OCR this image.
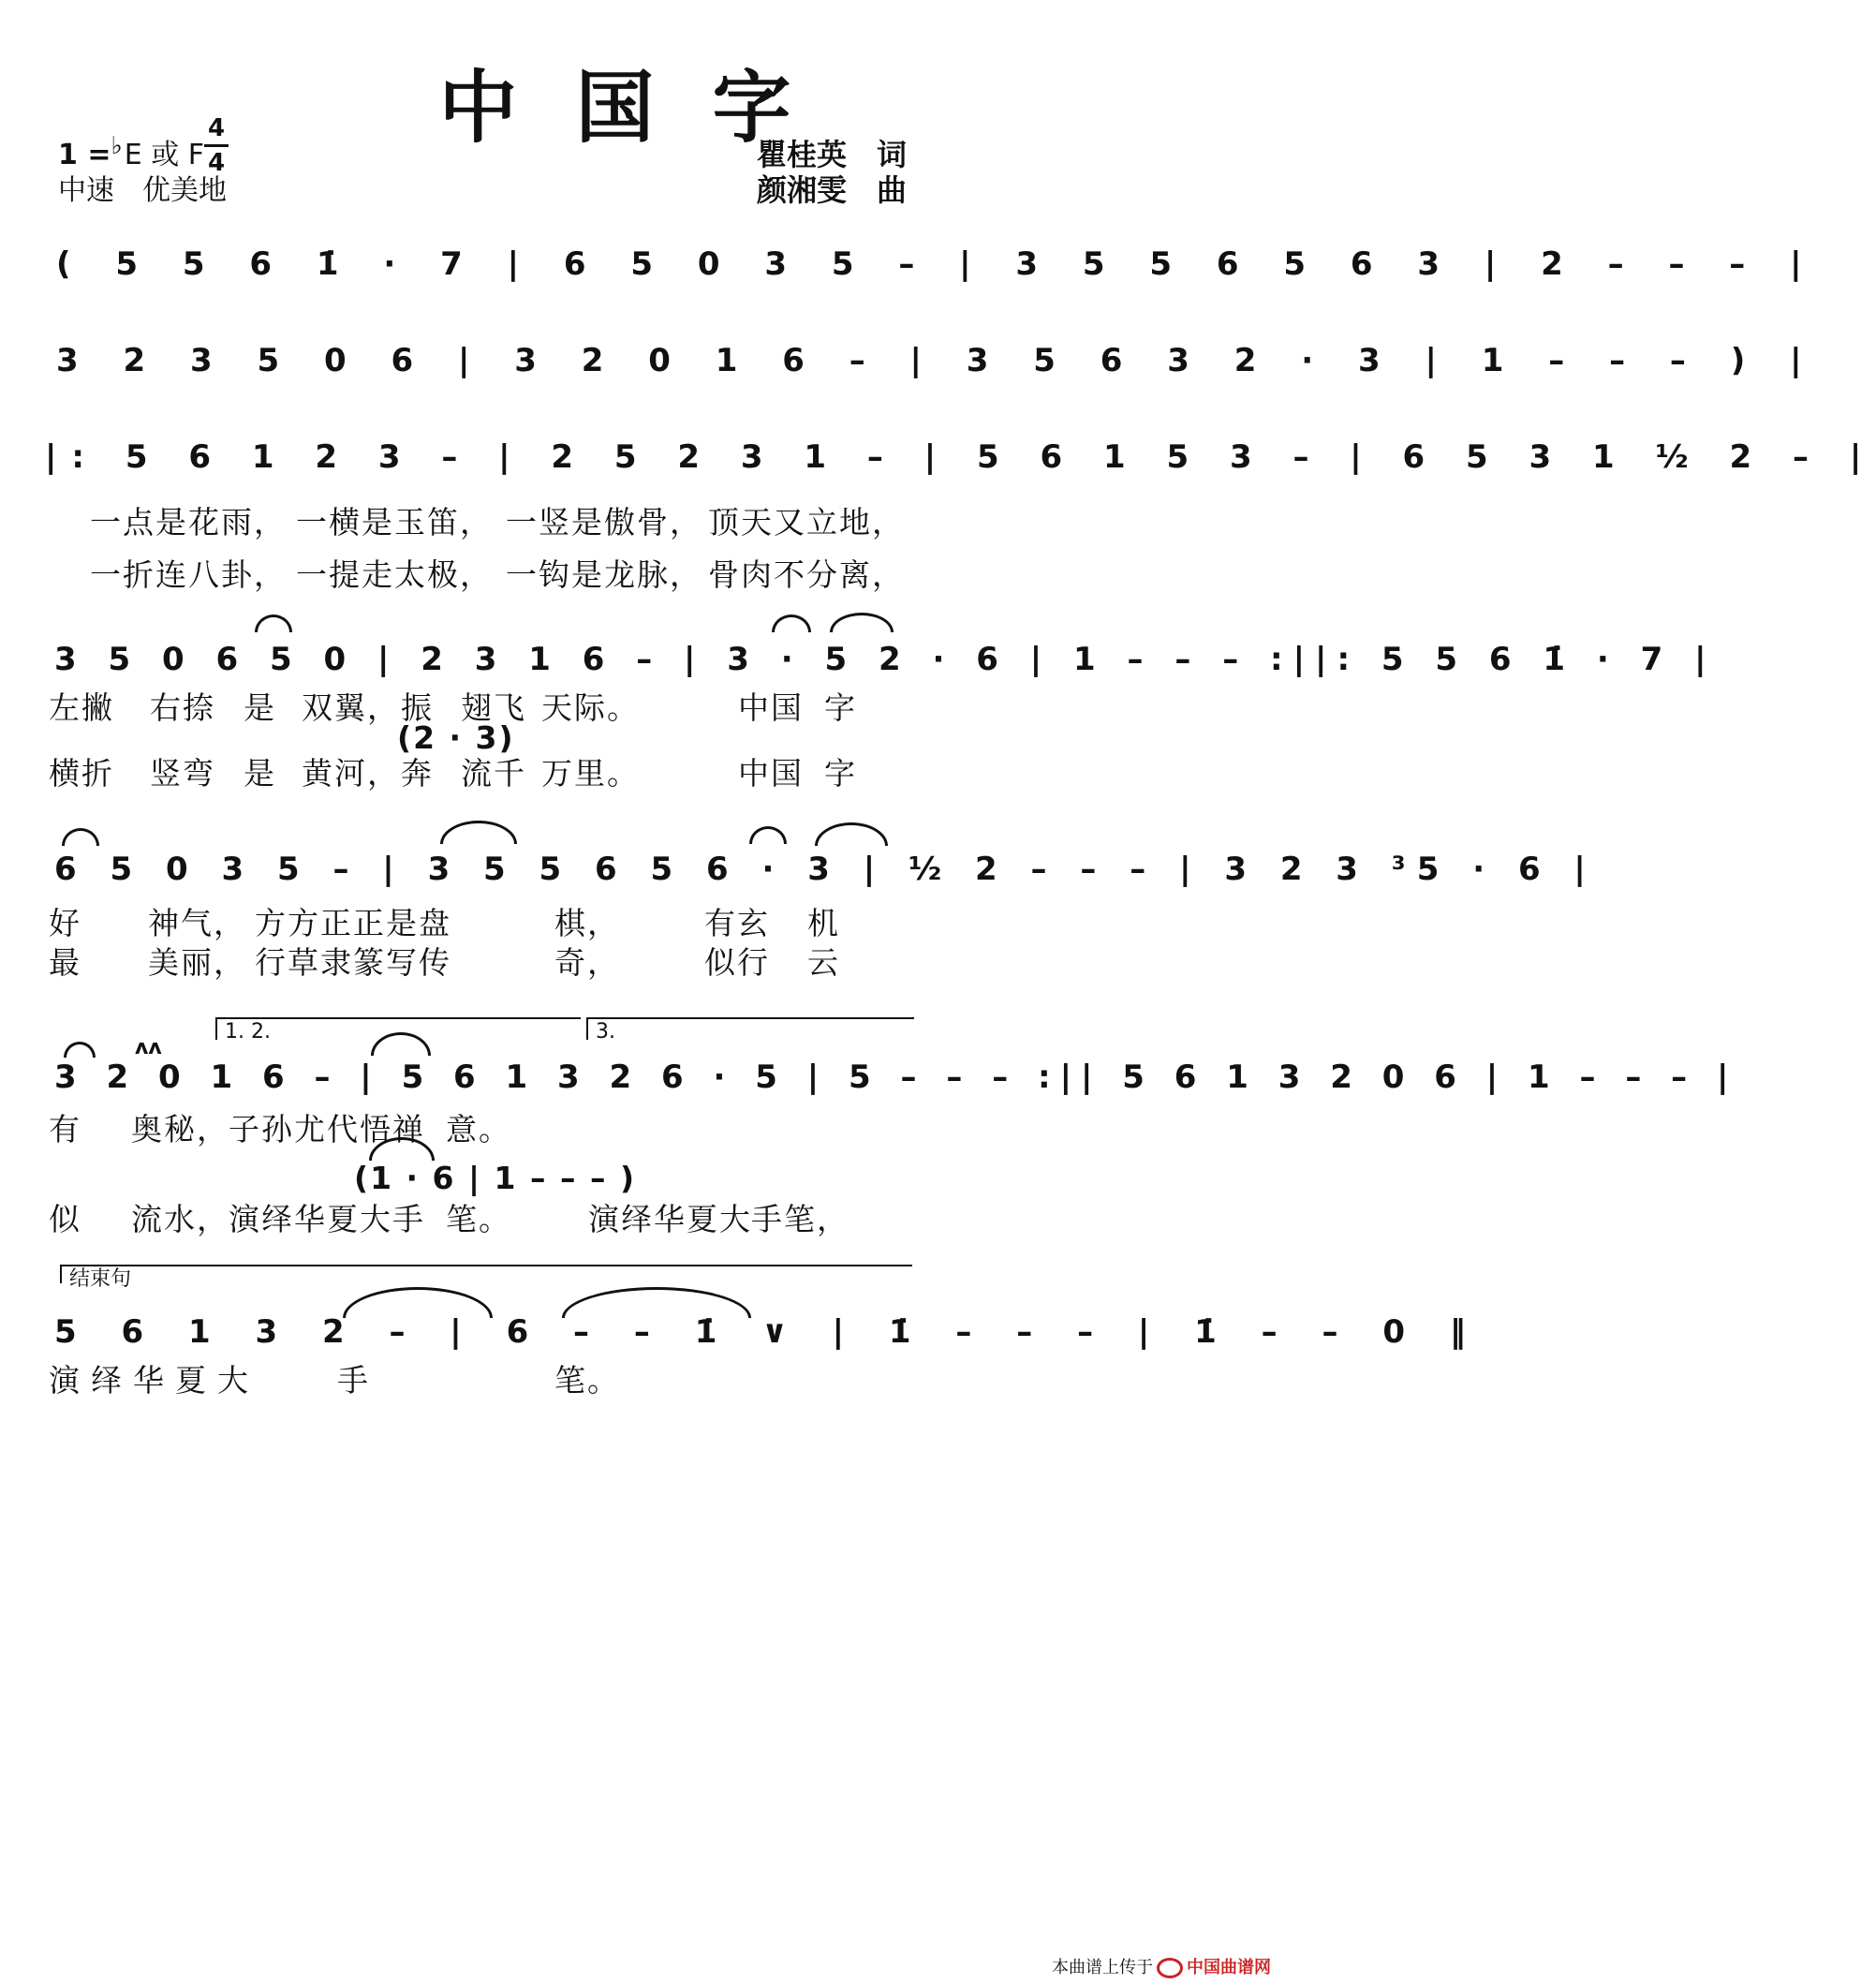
中国字
1 =♭E 或 F
4
4
中速　优美地
瞿桂英　词
颜湘雯　曲
( 5 5 6 1̇ · 7 | 6 5 0 3 5 – | 3 5 5 6 5 6 3 | 2 – – – |
3 2 3 5 0 6 | 3 2 0 1 6 – | 3 5 6 3 2 · 3 | 1 – – – ) |
|: 5 6 1 2 3 – | 2 5 2 3 1 – | 5 6 1 5 3 – | 6 5 3 1 ½ 2 – |
一点是花雨， 一横是玉笛， 一竖是傲骨， 顶天又立地，
一折连八卦， 一提走太极， 一钩是龙脉， 骨肉不分离，
3 5 0 6 5 0 | 2 3 1 6 – | 3 · 5 2 · 6 | 1 – – – :||: 5 5 6 1̇ · 7 |
左撇 右捺 是 双翼， 振 翅飞 天际。	中国 字
(2 · 3)
横折 竖弯 是 黄河， 奔 流千 万里。	中国 字
6 5 0 3 5 – | 3 5 5 6 5 6 · 3 | ½ 2 – – – | 3 2 3 ³5 · 6 |
好 神气， 方方正正是盘	棋，	有玄 机
最 美丽， 行草隶篆写传	奇，	似行 云
1. 2.	3.
ʌʌ
3 2 0 1 6 – | 5 6 1 3 2 6 · 5 | 5 – – – :|| 5 6 1 3 2 0 6 | 1 – – – |
有 奥秘， 子孙尤代悟禅 意。
(1 · 6 | 1 – – – )
似 流水， 演绎华夏大手 笔。 演绎华夏大 手笔，
结束句
5 6 1 3 2 – | 6 – – 1̇ ∨ | 1̇ – – – | 1̇ – – 0 ‖
演绎华夏大	手	笔。
本曲谱上传于 中国曲谱网
